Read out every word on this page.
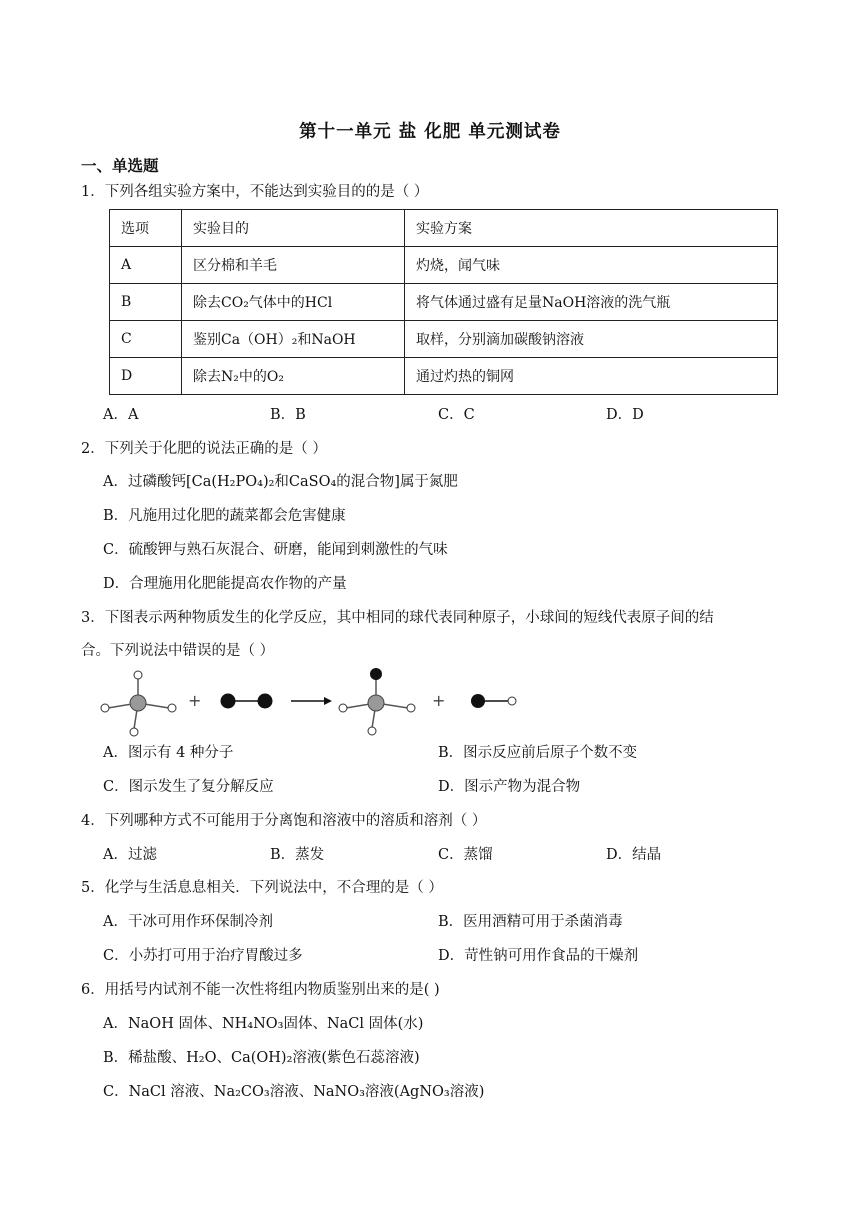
第十一单元 盐 化肥 单元测试卷
一、单选题
1．下列各组实验方案中，不能达到实验目的的是（ ）
选项	实验目的	实验方案
A	区分棉和羊毛	灼烧，闻气味
B	除去CO₂气体中的HCl	将气体通过盛有足量NaOH溶液的洗气瓶
C	鉴别Ca（OH）₂和NaOH	取样，分别滴加碳酸钠溶液
D	除去N₂中的O₂	通过灼热的铜网
A．A	B．B	C．C	D．D
2．下列关于化肥的说法正确的是（ ）
A．过磷酸钙[Ca(H₂PO₄)₂和CaSO₄的混合物]属于氮肥
B．凡施用过化肥的蔬菜都会危害健康
C．硫酸钾与熟石灰混合、研磨，能闻到刺激性的气味
D．合理施用化肥能提高农作物的产量
3．下图表示两种物质发生的化学反应，其中相同的球代表同种原子，小球间的短线代表原子间的结
合。下列说法中错误的是（ ）
+	+
A．图示有 4 种分子	B．图示反应前后原子个数不变
C．图示发生了复分解反应	D．图示产物为混合物
4．下列哪种方式不可能用于分离饱和溶液中的溶质和溶剂（ ）
A．过滤	B．蒸发	C．蒸馏	D．结晶
5．化学与生活息息相关．下列说法中，不合理的是（ ）
A．干冰可用作环保制冷剂	B．医用酒精可用于杀菌消毒
C．小苏打可用于治疗胃酸过多	D．苛性钠可用作食品的干燥剂
6．用括号内试剂不能一次性将组内物质鉴别出来的是( )
A．NaOH 固体、NH₄NO₃固体、NaCl 固体(水)
B．稀盐酸、H₂O、Ca(OH)₂溶液(紫色石蕊溶液)
C．NaCl 溶液、Na₂CO₃溶液、NaNO₃溶液(AgNO₃溶液)
